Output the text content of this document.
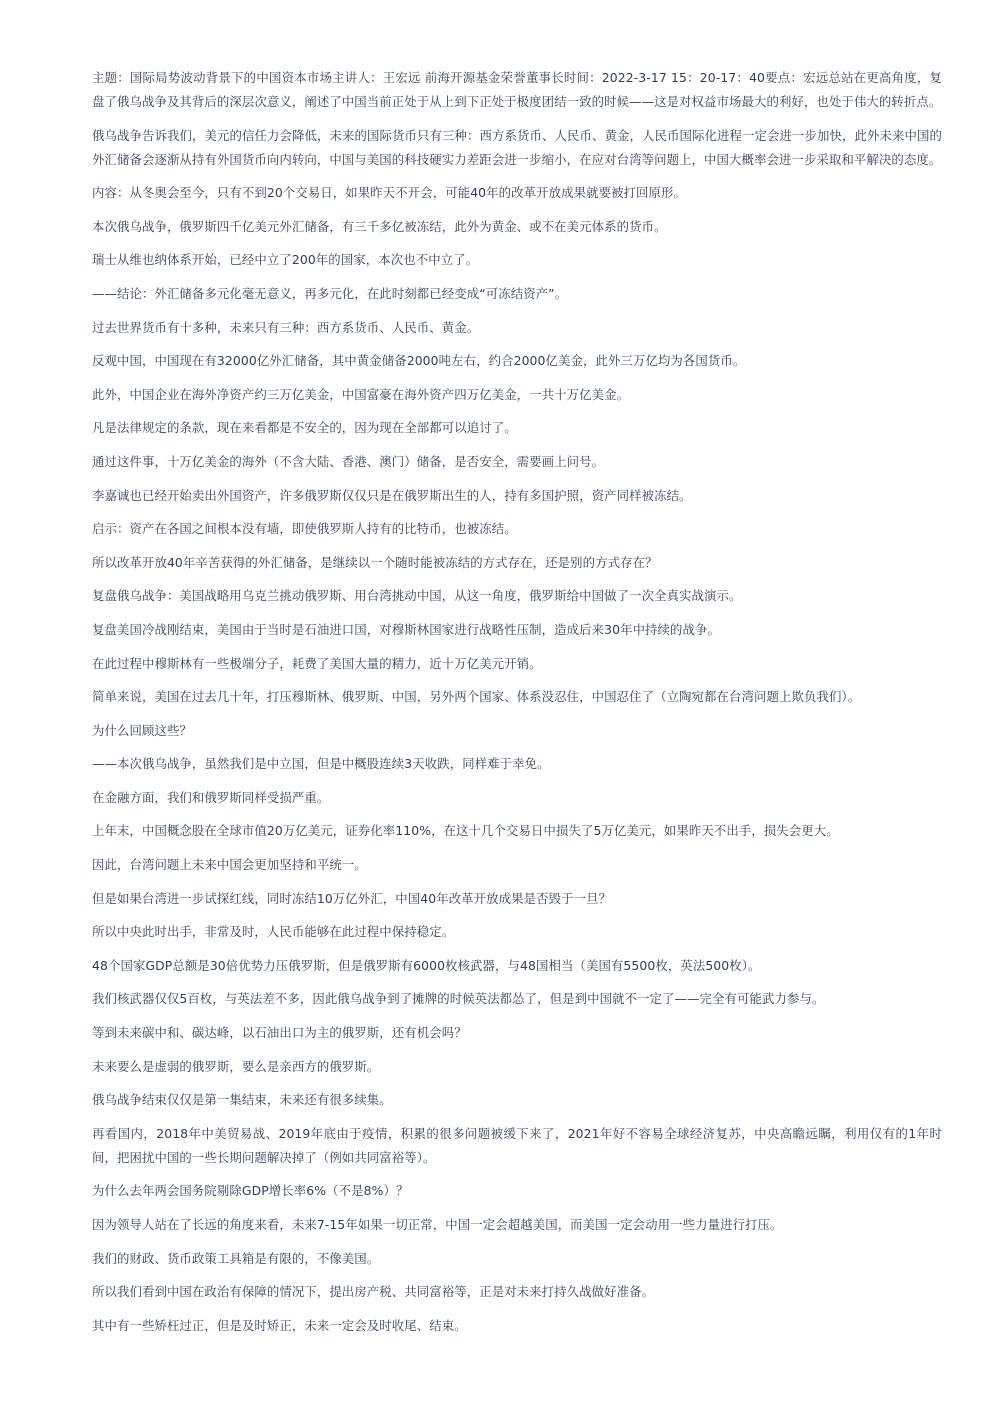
主题：国际局势波动背景下的中国资本市场主讲人：王宏远 前海开源基金荣誉董事长时间：2022-3-17 15：20-17：40要点：宏远总站在更高角度，复盘了俄乌战争及其背后的深层次意义，阐述了中国当前正处于从上到下正处于极度团结一致的时候——这是对权益市场最大的利好，也处于伟大的转折点。

俄乌战争告诉我们，美元的信任力会降低，未来的国际货币只有三种：西方系货币、人民币、黄金，人民币国际化进程一定会进一步加快，此外未来中国的外汇储备会逐渐从持有外国货币向内转向，中国与美国的科技硬实力差距会进一步缩小，在应对台湾等问题上，中国大概率会进一步采取和平解决的态度。

内容：从冬奥会至今，只有不到20个交易日，如果昨天不开会，可能40年的改革开放成果就要被打回原形。

本次俄乌战争，俄罗斯四千亿美元外汇储备，有三千多亿被冻结，此外为黄金、或不在美元体系的货币。

瑞士从维也纳体系开始，已经中立了200年的国家，本次也不中立了。

——结论：外汇储备多元化毫无意义，再多元化，在此时刻都已经变成“可冻结资产”。

过去世界货币有十多种，未来只有三种：西方系货币、人民币、黄金。

反观中国，中国现在有32000亿外汇储备，其中黄金储备2000吨左右，约合2000亿美金，此外三万亿均为各国货币。

此外，中国企业在海外净资产约三万亿美金，中国富豪在海外资产四万亿美金，一共十万亿美金。

凡是法律规定的条款，现在来看都是不安全的，因为现在全部都可以追讨了。

通过这件事，十万亿美金的海外（不含大陆、香港、澳门）储备，是否安全，需要画上问号。

李嘉诚也已经开始卖出外国资产，许多俄罗斯仅仅只是在俄罗斯出生的人，持有多国护照，资产同样被冻结。

启示：资产在各国之间根本没有墙，即使俄罗斯人持有的比特币，也被冻结。

所以改革开放40年辛苦获得的外汇储备，是继续以一个随时能被冻结的方式存在，还是别的方式存在？

复盘俄乌战争：美国战略用乌克兰挑动俄罗斯、用台湾挑动中国，从这一角度，俄罗斯给中国做了一次全真实战演示。

复盘美国冷战刚结束，美国由于当时是石油进口国，对穆斯林国家进行战略性压制，造成后来30年中持续的战争。

在此过程中穆斯林有一些极端分子，耗费了美国大量的精力，近十万亿美元开销。

简单来说，美国在过去几十年，打压穆斯林、俄罗斯、中国，另外两个国家、体系没忍住，中国忍住了（立陶宛都在台湾问题上欺负我们）。

为什么回顾这些？

——本次俄乌战争，虽然我们是中立国，但是中概股连续3天收跌，同样难于幸免。

在金融方面，我们和俄罗斯同样受损严重。

上年末，中国概念股在全球市值20万亿美元，证券化率110%，在这十几个交易日中损失了5万亿美元，如果昨天不出手，损失会更大。

因此，台湾问题上未来中国会更加坚持和平统一。

但是如果台湾进一步试探红线，同时冻结10万亿外汇，中国40年改革开放成果是否毁于一旦？

所以中央此时出手，非常及时，人民币能够在此过程中保持稳定。

48个国家GDP总额是30倍优势力压俄罗斯，但是俄罗斯有6000枚核武器，与48国相当（美国有5500枚，英法500枚）。

我们核武器仅仅5百枚，与英法差不多，因此俄乌战争到了摊牌的时候英法都怂了，但是到中国就不一定了——完全有可能武力参与。

等到未来碳中和、碳达峰，以石油出口为主的俄罗斯，还有机会吗？

未来要么是虚弱的俄罗斯，要么是亲西方的俄罗斯。

俄乌战争结束仅仅是第一集结束，未来还有很多续集。

再看国内，2018年中美贸易战、2019年底由于疫情，积累的很多问题被缓下来了，2021年好不容易全球经济复苏，中央高瞻远瞩，利用仅有的1年时间，把困扰中国的一些长期问题解决掉了（例如共同富裕等）。

为什么去年两会国务院剔除GDP增长率6%（不是8%）？

因为领导人站在了长远的角度来看，未来7-15年如果一切正常，中国一定会超越美国，而美国一定会动用一些力量进行打压。

我们的财政、货币政策工具箱是有限的，不像美国。

所以我们看到中国在政治有保障的情况下，提出房产税、共同富裕等，正是对未来打持久战做好准备。

其中有一些矫枉过正，但是及时矫正，未来一定会及时收尾、结束。
